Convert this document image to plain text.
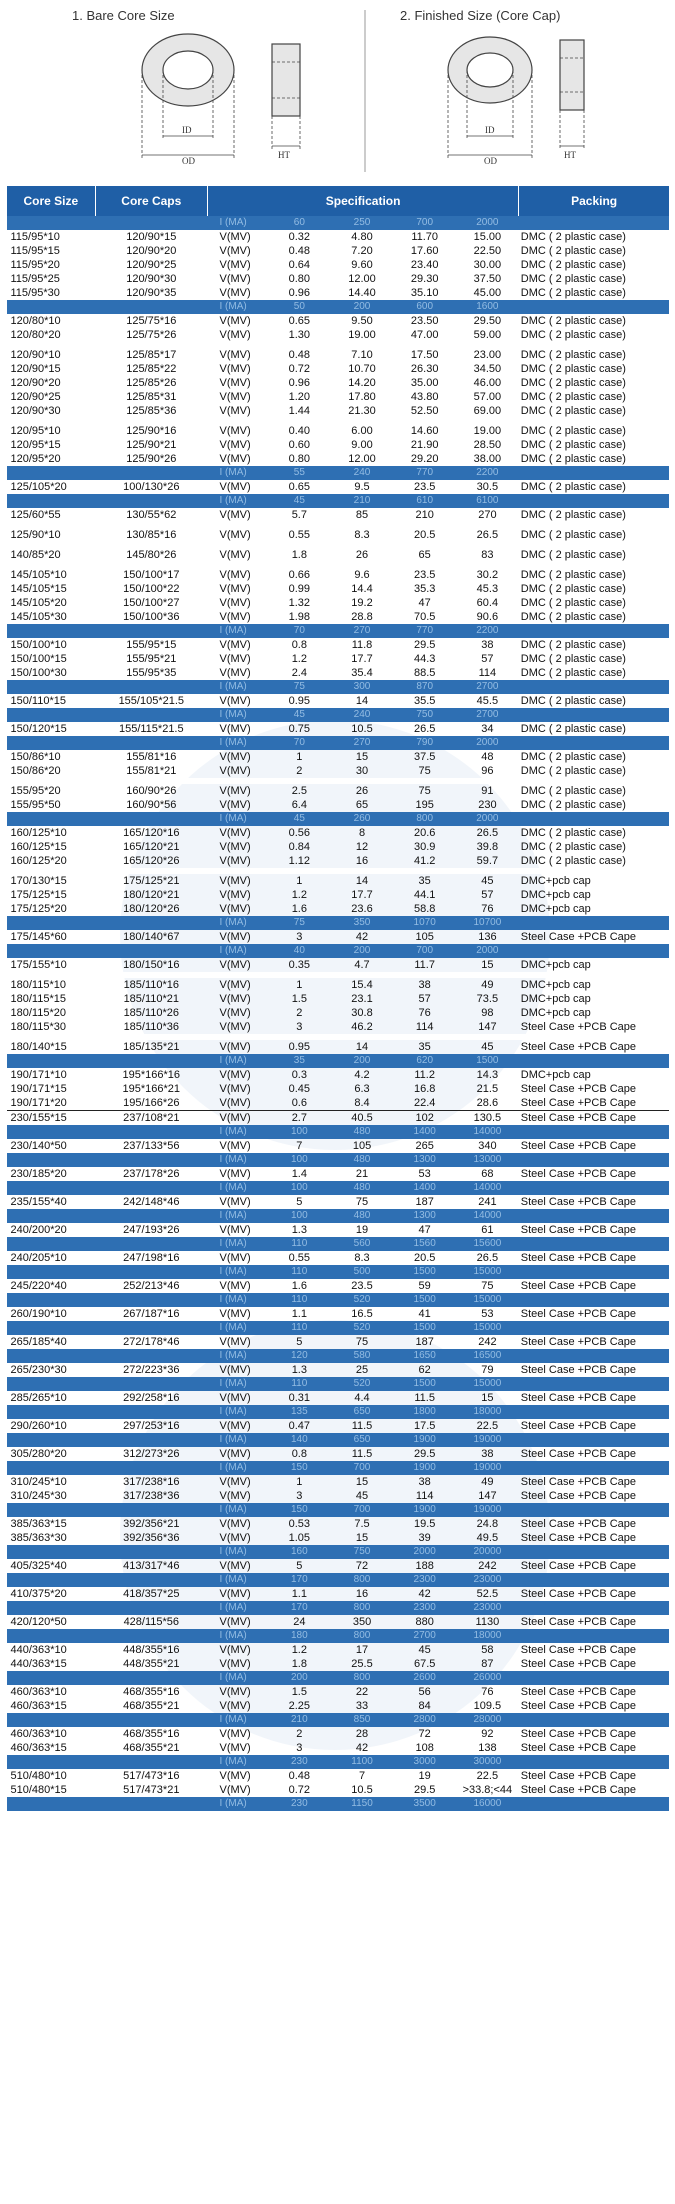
1. Bare Core Size	2. Finished Size (Core Cap)
ID
OD
HT
ID
OD
HT
Core Size	Core Caps	Specification					Packing
		I (MA)	60	250	700	2000	
115/95*10	120/90*15	V(MV)	0.32	4.80	11.70	15.00	DMC ( 2 plastic case)
115/95*15	120/90*20	V(MV)	0.48	7.20	17.60	22.50	DMC ( 2 plastic case)
115/95*20	120/90*25	V(MV)	0.64	9.60	23.40	30.00	DMC ( 2 plastic case)
115/95*25	120/90*30	V(MV)	0.80	12.00	29.30	37.50	DMC ( 2 plastic case)
115/95*30	120/90*35	V(MV)	0.96	14.40	35.10	45.00	DMC ( 2 plastic case)
		I (MA)	50	200	600	1600	
120/80*10	125/75*16	V(MV)	0.65	9.50	23.50	29.50	DMC ( 2 plastic case)
120/80*20	125/75*26	V(MV)	1.30	19.00	47.00	59.00	DMC ( 2 plastic case)

120/90*10	125/85*17	V(MV)	0.48	7.10	17.50	23.00	DMC ( 2 plastic case)
120/90*15	125/85*22	V(MV)	0.72	10.70	26.30	34.50	DMC ( 2 plastic case)
120/90*20	125/85*26	V(MV)	0.96	14.20	35.00	46.00	DMC ( 2 plastic case)
120/90*25	125/85*31	V(MV)	1.20	17.80	43.80	57.00	DMC ( 2 plastic case)
120/90*30	125/85*36	V(MV)	1.44	21.30	52.50	69.00	DMC ( 2 plastic case)

120/95*10	125/90*16	V(MV)	0.40	6.00	14.60	19.00	DMC ( 2 plastic case)
120/95*15	125/90*21	V(MV)	0.60	9.00	21.90	28.50	DMC ( 2 plastic case)
120/95*20	125/90*26	V(MV)	0.80	12.00	29.20	38.00	DMC ( 2 plastic case)
		I (MA)	55	240	770	2200	
125/105*20	100/130*26	V(MV)	0.65	9.5	23.5	30.5	DMC ( 2 plastic case)
		I (MA)	45	210	610	6100	
125/60*55	130/55*62	V(MV)	5.7	85	210	270	DMC ( 2 plastic case)

125/90*10	130/85*16	V(MV)	0.55	8.3	20.5	26.5	DMC ( 2 plastic case)

140/85*20	145/80*26	V(MV)	1.8	26	65	83	DMC ( 2 plastic case)

145/105*10	150/100*17	V(MV)	0.66	9.6	23.5	30.2	DMC ( 2 plastic case)
145/105*15	150/100*22	V(MV)	0.99	14.4	35.3	45.3	DMC ( 2 plastic case)
145/105*20	150/100*27	V(MV)	1.32	19.2	47	60.4	DMC ( 2 plastic case)
145/105*30	150/100*36	V(MV)	1.98	28.8	70.5	90.6	DMC ( 2 plastic case)
		I (MA)	70	270	770	2200	
150/100*10	155/95*15	V(MV)	0.8	11.8	29.5	38	DMC ( 2 plastic case)
150/100*15	155/95*21	V(MV)	1.2	17.7	44.3	57	DMC ( 2 plastic case)
150/100*30	155/95*35	V(MV)	2.4	35.4	88.5	114	DMC ( 2 plastic case)
		I (MA)	75	300	870	2700	
150/110*15	155/105*21.5	V(MV)	0.95	14	35.5	45.5	DMC ( 2 plastic case)
		I (MA)	45	240	750	2700	
150/120*15	155/115*21.5	V(MV)	0.75	10.5	26.5	34	DMC ( 2 plastic case)
		I (MA)	70	270	790	2000	
150/86*10	155/81*16	V(MV)	1	15	37.5	48	DMC ( 2 plastic case)
150/86*20	155/81*21	V(MV)	2	30	75	96	DMC ( 2 plastic case)

155/95*20	160/90*26	V(MV)	2.5	26	75	91	DMC ( 2 plastic case)
155/95*50	160/90*56	V(MV)	6.4	65	195	230	DMC ( 2 plastic case)
		I (MA)	45	260	800	2000	
160/125*10	165/120*16	V(MV)	0.56	8	20.6	26.5	DMC ( 2 plastic case)
160/125*15	165/120*21	V(MV)	0.84	12	30.9	39.8	DMC ( 2 plastic case)
160/125*20	165/120*26	V(MV)	1.12	16	41.2	59.7	DMC ( 2 plastic case)

170/130*15	175/125*21	V(MV)	1	14	35	45	DMC+pcb cap
175/125*15	180/120*21	V(MV)	1.2	17.7	44.1	57	DMC+pcb cap
175/125*20	180/120*26	V(MV)	1.6	23.6	58.8	76	DMC+pcb cap
		I (MA)	75	350	1070	10700	
175/145*60	180/140*67	V(MV)	3	42	105	136	Steel Case +PCB Cape
		I (MA)	40	200	700	2000	
175/155*10	180/150*16	V(MV)	0.35	4.7	11.7	15	DMC+pcb cap

180/115*10	185/110*16	V(MV)	1	15.4	38	49	DMC+pcb cap
180/115*15	185/110*21	V(MV)	1.5	23.1	57	73.5	DMC+pcb cap
180/115*20	185/110*26	V(MV)	2	30.8	76	98	DMC+pcb cap
180/115*30	185/110*36	V(MV)	3	46.2	114	147	Steel Case +PCB Cape

180/140*15	185/135*21	V(MV)	0.95	14	35	45	Steel Case +PCB Cape
		I (MA)	35	200	620	1500	
190/171*10	195*166*16	V(MV)	0.3	4.2	11.2	14.3	DMC+pcb cap
190/171*15	195*166*21	V(MV)	0.45	6.3	16.8	21.5	Steel Case +PCB Cape
190/171*20	195/166*26	V(MV)	0.6	8.4	22.4	28.6	Steel Case +PCB Cape
230/155*15	237/108*21	V(MV)	2.7	40.5	102	130.5	Steel Case +PCB Cape
		I (MA)	100	480	1400	14000	
230/140*50	237/133*56	V(MV)	7	105	265	340	Steel Case +PCB Cape
		I (MA)	100	480	1300	13000	
230/185*20	237/178*26	V(MV)	1.4	21	53	68	Steel Case +PCB Cape
		I (MA)	100	480	1400	14000	
235/155*40	242/148*46	V(MV)	5	75	187	241	Steel Case +PCB Cape
		I (MA)	100	480	1300	14000	
240/200*20	247/193*26	V(MV)	1.3	19	47	61	Steel Case +PCB Cape
		I (MA)	110	560	1560	15600	
240/205*10	247/198*16	V(MV)	0.55	8.3	20.5	26.5	Steel Case +PCB Cape
		I (MA)	110	500	1500	15000	
245/220*40	252/213*46	V(MV)	1.6	23.5	59	75	Steel Case +PCB Cape
		I (MA)	110	520	1500	15000	
260/190*10	267/187*16	V(MV)	1.1	16.5	41	53	Steel Case +PCB Cape
		I (MA)	110	520	1500	15000	
265/185*40	272/178*46	V(MV)	5	75	187	242	Steel Case +PCB Cape
		I (MA)	120	580	1650	16500	
265/230*30	272/223*36	V(MV)	1.3	25	62	79	Steel Case +PCB Cape
		I (MA)	110	520	1500	15000	
285/265*10	292/258*16	V(MV)	0.31	4.4	11.5	15	Steel Case +PCB Cape
		I (MA)	135	650	1800	18000	
290/260*10	297/253*16	V(MV)	0.47	11.5	17.5	22.5	Steel Case +PCB Cape
		I (MA)	140	650	1900	19000	
305/280*20	312/273*26	V(MV)	0.8	11.5	29.5	38	Steel Case +PCB Cape
		I (MA)	150	700	1900	19000	
310/245*10	317/238*16	V(MV)	1	15	38	49	Steel Case +PCB Cape
310/245*30	317/238*36	V(MV)	3	45	114	147	Steel Case +PCB Cape
		I (MA)	150	700	1900	19000	
385/363*15	392/356*21	V(MV)	0.53	7.5	19.5	24.8	Steel Case +PCB Cape
385/363*30	392/356*36	V(MV)	1.05	15	39	49.5	Steel Case +PCB Cape
		I (MA)	160	750	2000	20000	
405/325*40	413/317*46	V(MV)	5	72	188	242	Steel Case +PCB Cape
		I (MA)	170	800	2300	23000	
410/375*20	418/357*25	V(MV)	1.1	16	42	52.5	Steel Case +PCB Cape
		I (MA)	170	800	2300	23000	
420/120*50	428/115*56	V(MV)	24	350	880	1130	Steel Case +PCB Cape
		I (MA)	180	800	2700	18000	
440/363*10	448/355*16	V(MV)	1.2	17	45	58	Steel Case +PCB Cape
440/363*15	448/355*21	V(MV)	1.8	25.5	67.5	87	Steel Case +PCB Cape
		I (MA)	200	800	2600	26000	
460/363*10	468/355*16	V(MV)	1.5	22	56	76	Steel Case +PCB Cape
460/363*15	468/355*21	V(MV)	2.25	33	84	109.5	Steel Case +PCB Cape
		I (MA)	210	850	2800	28000	
460/363*10	468/355*16	V(MV)	2	28	72	92	Steel Case +PCB Cape
460/363*15	468/355*21	V(MV)	3	42	108	138	Steel Case +PCB Cape
		I (MA)	230	1100	3000	30000	
510/480*10	517/473*16	V(MV)	0.48	7	19	22.5	Steel Case +PCB Cape
510/480*15	517/473*21	V(MV)	0.72	10.5	29.5	>33.8;<44	Steel Case +PCB Cape
		I (MA)	230	1150	3500	16000	
